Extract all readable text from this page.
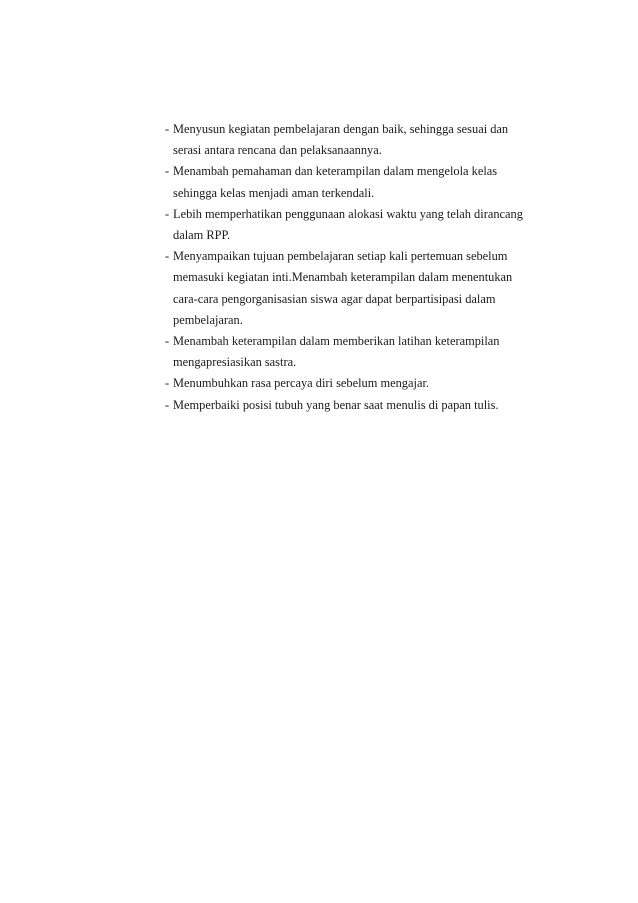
- Menyusun kegiatan pembelajaran dengan baik, sehingga sesuai dan
serasi antara rencana dan pelaksanaannya.
- Menambah pemahaman dan keterampilan dalam mengelola kelas
sehingga kelas menjadi aman terkendali.
- Lebih memperhatikan penggunaan alokasi waktu yang telah dirancang
dalam RPP.
- Menyampaikan tujuan pembelajaran setiap kali pertemuan sebelum
memasuki kegiatan inti.Menambah keterampilan dalam menentukan
cara-cara pengorganisasian siswa agar dapat berpartisipasi dalam
pembelajaran.
- Menambah keterampilan dalam memberikan latihan keterampilan
mengapresiasikan sastra.
- Menumbuhkan rasa percaya diri sebelum mengajar.
- Memperbaiki posisi tubuh yang benar saat menulis di papan tulis.
